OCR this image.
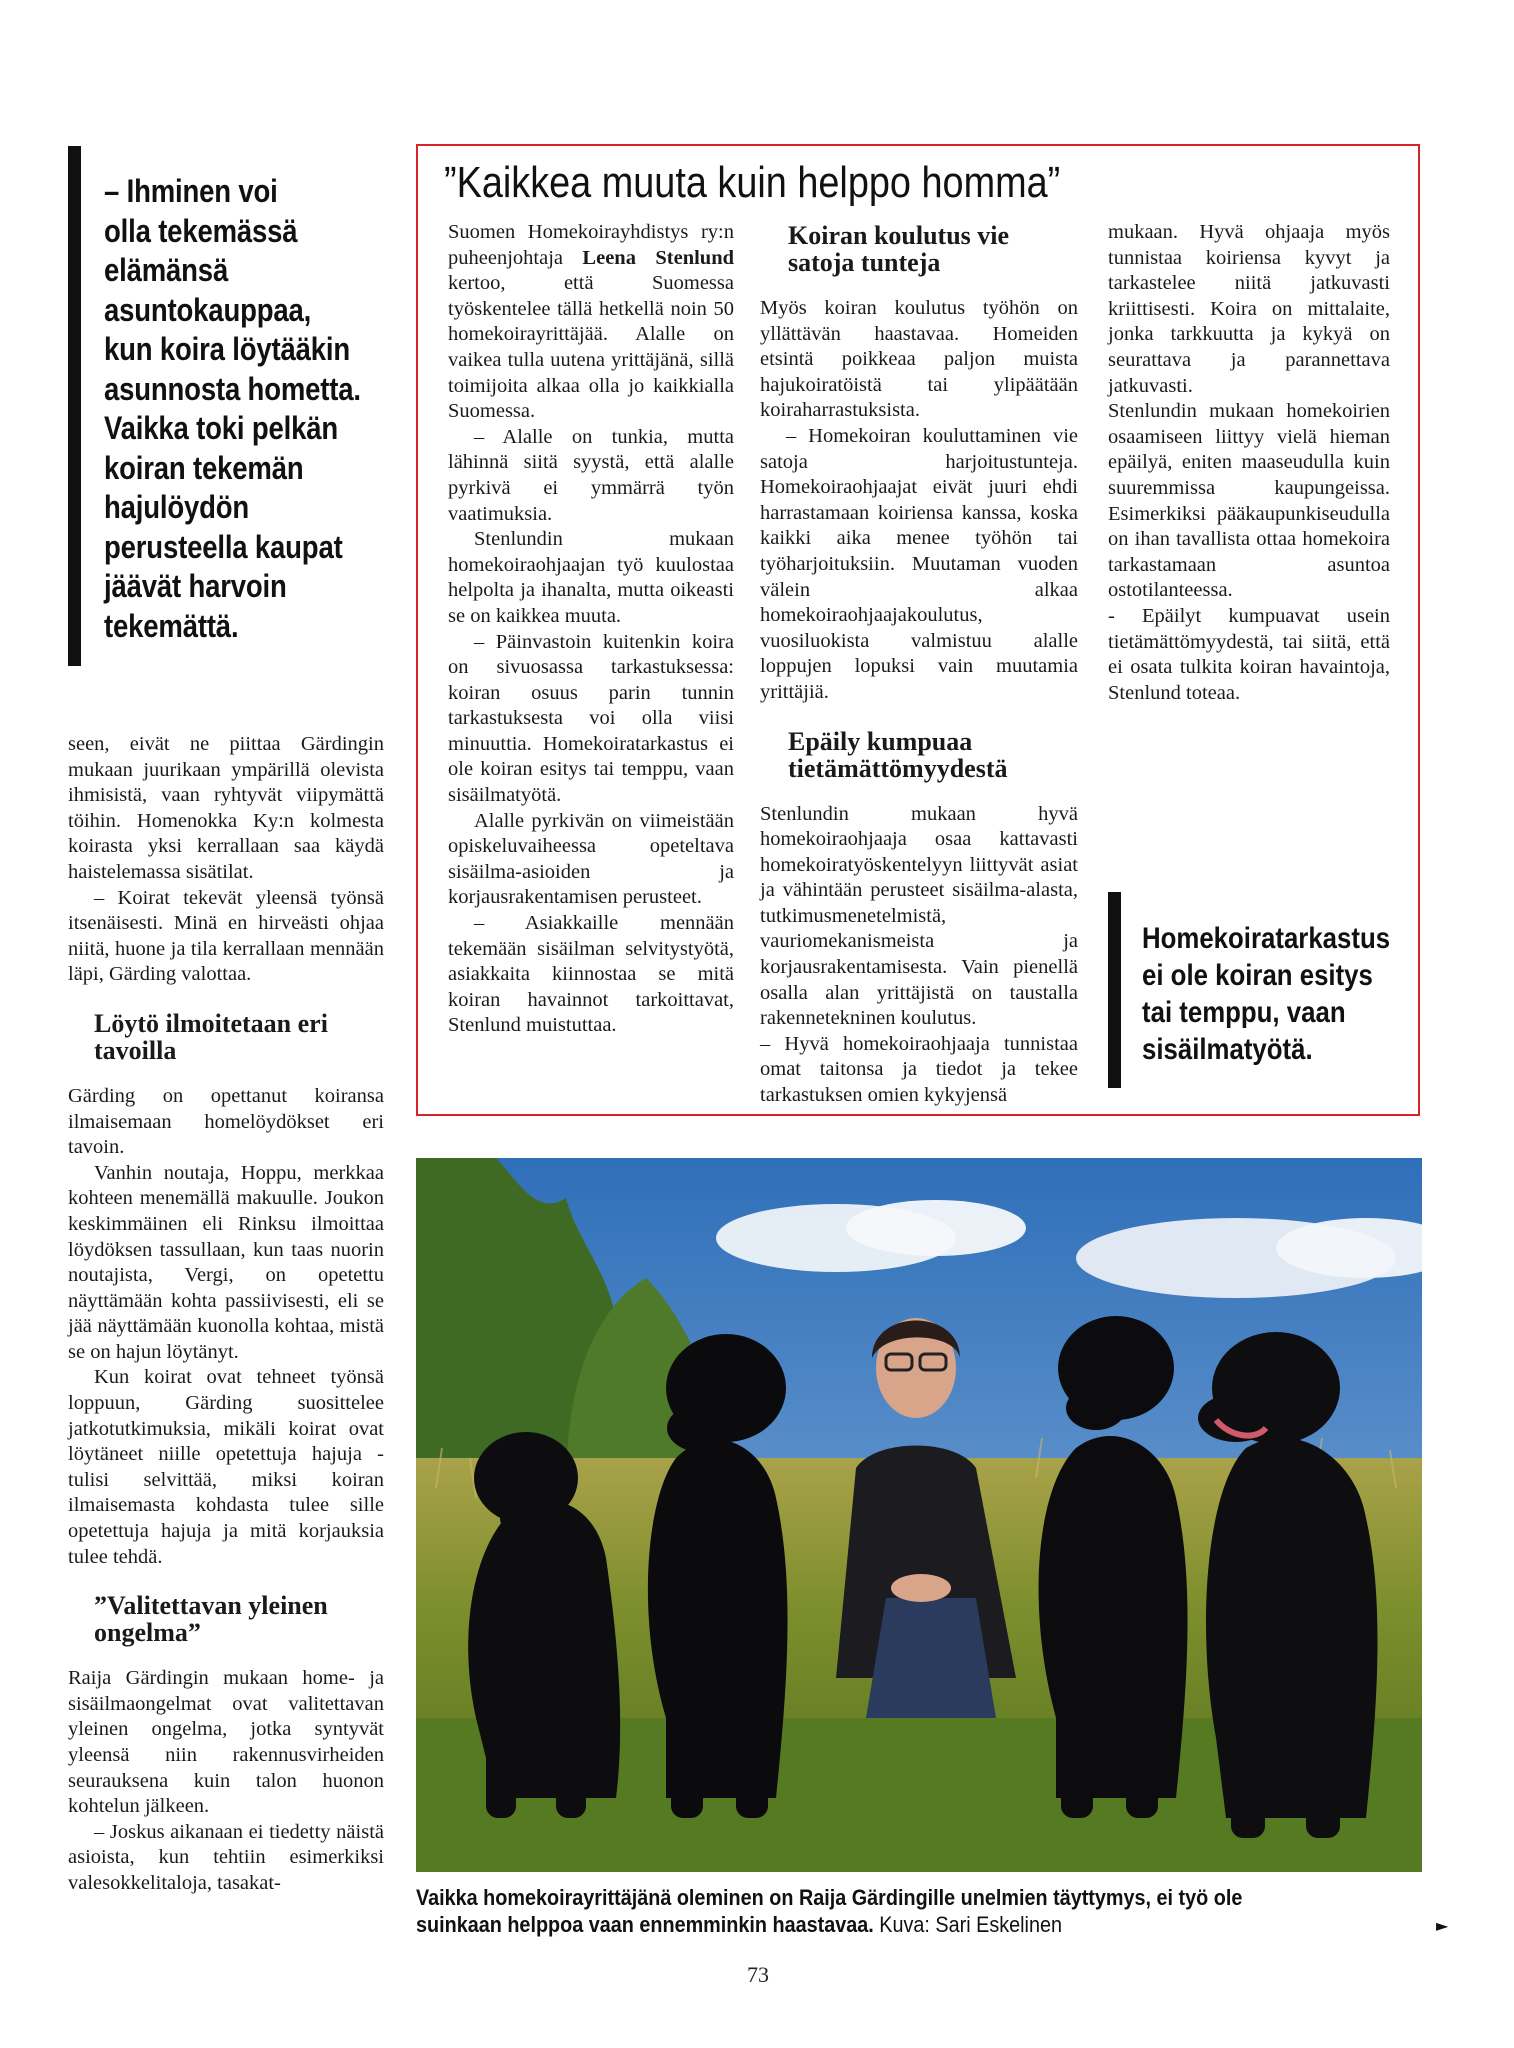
– Ihminen voi
olla tekemässä
elämänsä
asuntokauppaa,
kun koira löytääkin
asunnosta hometta.
Vaikka toki pelkän
koiran tekemän
hajulöydön
perusteella kaupat
jäävät harvoin
tekemättä.

seen, eivät ne piittaa Gärdingin mukaan juurikaan ympärillä olevista ihmisistä, vaan ryhtyvät viipymättä töihin. Homenokka Ky:n kolmesta koirasta yksi kerrallaan saa käydä haistelemassa sisätilat.

– Koirat tekevät yleensä työnsä itsenäisesti. Minä en hirveästi ohjaa niitä, huone ja tila kerrallaan mennään läpi, Gärding valottaa.

Löytö ilmoitetaan eri tavoilla

Gärding on opettanut koiransa ilmaisemaan homelöydökset eri tavoin.

Vanhin noutaja, Hoppu, merkkaa kohteen menemällä makuulle. Joukon keskimmäinen eli Rinksu ilmoittaa löydöksen tassullaan, kun taas nuorin noutajista, Vergi, on opetettu näyttämään kohta passiivisesti, eli se jää näyttämään kuonolla kohtaa, mistä se on hajun löytänyt.

Kun koirat ovat tehneet työnsä loppuun, Gärding suosittelee jatkotutkimuksia, mikäli koirat ovat löytäneet niille opetettuja hajuja - tulisi selvittää, miksi koiran ilmaisemasta kohdasta tulee sille opetettuja hajuja ja mitä korjauksia tulee tehdä.

”Valitettavan yleinen ongelma”

Raija Gärdingin mukaan home- ja sisäilmaongelmat ovat valitettavan yleinen ongelma, jotka syntyvät yleensä niin rakennusvirheiden seurauksena kuin talon huonon kohtelun jälkeen.

– Joskus aikanaan ei tiedetty näistä asioista, kun tehtiin esimerkiksi valesokkelitaloja, tasakat-

”Kaikkea muuta kuin helppo homma”

Suomen Homekoirayhdistys ry:n puheenjohtaja Leena Stenlund kertoo, että Suomessa työskentelee tällä hetkellä noin 50 homekoirayrittäjää. Alalle on vaikea tulla uutena yrittäjänä, sillä toimijoita alkaa olla jo kaikkialla Suomessa.

– Alalle on tunkia, mutta lähinnä siitä syystä, että alalle pyrkivä ei ymmärrä työn vaatimuksia.

Stenlundin mukaan homekoiraohjaajan työ kuulostaa helpolta ja ihanalta, mutta oikeasti se on kaikkea muuta.

– Päinvastoin kuitenkin koira on sivuosassa tarkastuksessa: koiran osuus parin tunnin tarkastuksesta voi olla viisi minuuttia. Homekoiratarkastus ei ole koiran esitys tai temppu, vaan sisäilmatyötä.

Alalle pyrkivän on viimeistään opiskeluvaiheessa opeteltava sisäilma-asioiden ja korjausrakentamisen perusteet.

– Asiakkaille mennään tekemään sisäilman selvitystyötä, asiakkaita kiinnostaa se mitä koiran havainnot tarkoittavat, Stenlund muistuttaa.

Koiran koulutus vie satoja tunteja

Myös koiran koulutus työhön on yllättävän haastavaa. Homeiden etsintä poikkeaa paljon muista hajukoiratöistä tai ylipäätään koiraharrastuksista.

– Homekoiran kouluttaminen vie satoja harjoitustunteja. Homekoiraohjaajat eivät juuri ehdi harrastamaan koiriensa kanssa, koska kaikki aika menee työhön tai työharjoituksiin. Muutaman vuoden välein alkaa homekoiraohjaajakoulutus, vuosiluokista valmistuu alalle loppujen lopuksi vain muutamia yrittäjiä.

Epäily kumpuaa tietämättömyydestä

Stenlundin mukaan hyvä homekoiraohjaaja osaa kattavasti homekoiratyöskentelyyn liittyvät asiat ja vähintään perusteet sisäilma-alasta, tutkimusmenetelmistä, vauriomekanismeista ja korjausrakentamisesta. Vain pienellä osalla alan yrittäjistä on taustalla rakennetekninen koulutus.

– Hyvä homekoiraohjaaja tunnistaa omat taitonsa ja tiedot ja tekee tarkastuksen omien kykyjensä

mukaan. Hyvä ohjaaja myös tunnistaa koiriensa kyvyt ja tarkastelee niitä jatkuvasti kriittisesti. Koira on mittalaite, jonka tarkkuutta ja kykyä on seurattava ja parannettava jatkuvasti.

Stenlundin mukaan homekoirien osaamiseen liittyy vielä hieman epäilyä, eniten maaseudulla kuin suuremmissa kaupungeissa. Esimerkiksi pääkaupunkiseudulla on ihan tavallista ottaa homekoira tarkastamaan asuntoa ostotilanteessa.

- Epäilyt kumpuavat usein tietämättömyydestä, tai siitä, että ei osata tulkita koiran havaintoja, Stenlund toteaa.

Homekoiratarkastus
ei ole koiran esitys
tai temppu, vaan
sisäilmatyötä.
Vaikka homekoirayrittäjänä oleminen on Raija Gärdingille unelmien täyttymys, ei työ ole suinkaan helppoa vaan ennemminkin haastavaa. Kuva: Sari Eskelinen	►
73
